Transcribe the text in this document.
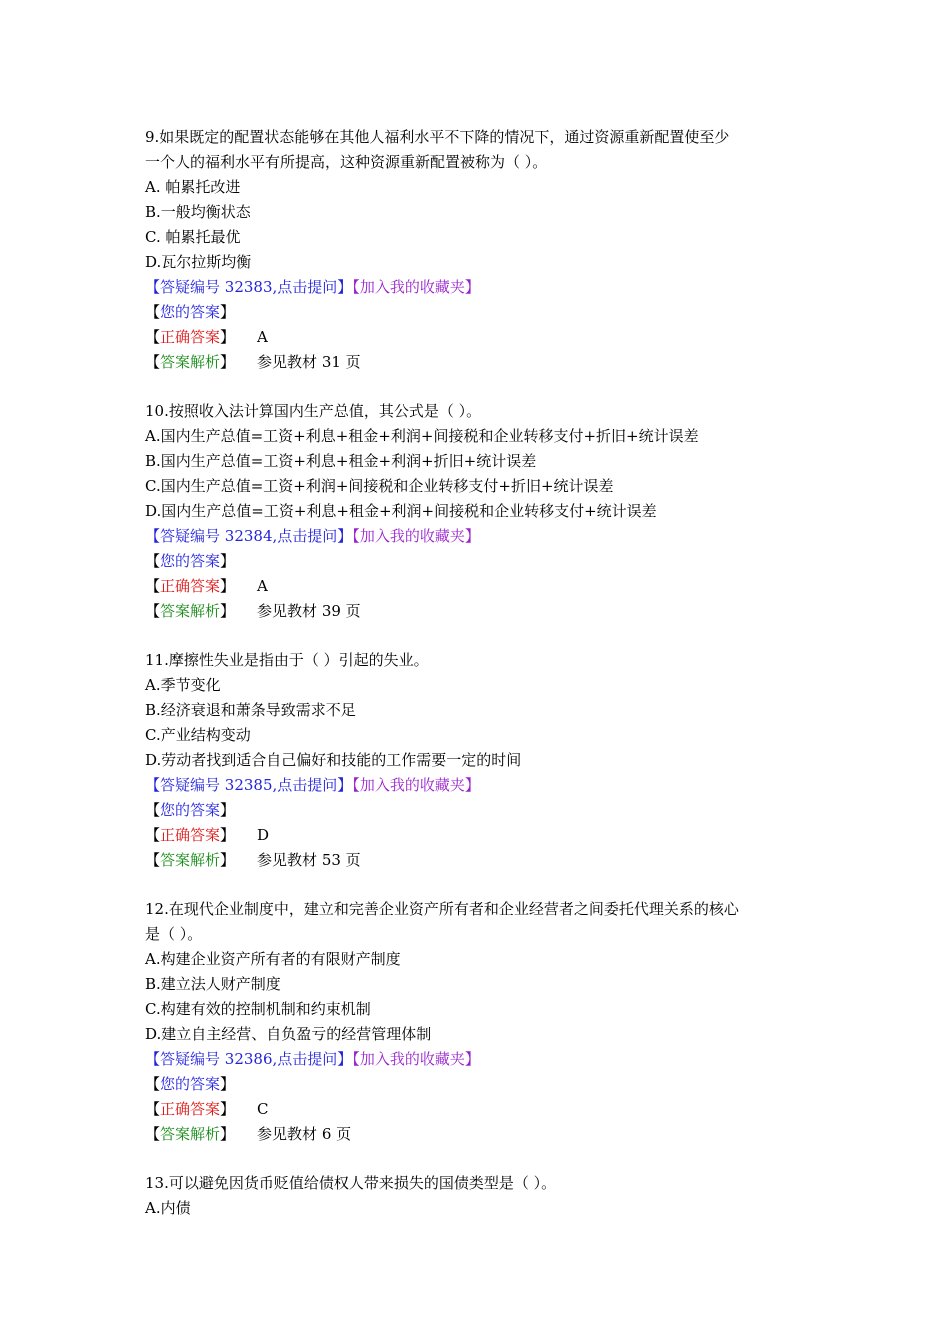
9.如果既定的配置状态能够在其他人福利水平不下降的情况下，通过资源重新配置使至少
一个人的福利水平有所提高，这种资源重新配置被称为（ ）。
A. 帕累托改进
B.一般均衡状态
C. 帕累托最优
D.瓦尔拉斯均衡
【答疑编号 32383,点击提问】【加入我的收藏夹】
【您的答案】
【正确答案】 A
【答案解析】 参见教材 31 页
10.按照收入法计算国内生产总值，其公式是（ ）。
A.国内生产总值=工资+利息+租金+利润+间接税和企业转移支付+折旧+统计误差
B.国内生产总值=工资+利息+租金+利润+折旧+统计误差
C.国内生产总值=工资+利润+间接税和企业转移支付+折旧+统计误差
D.国内生产总值=工资+利息+租金+利润+间接税和企业转移支付+统计误差
【答疑编号 32384,点击提问】【加入我的收藏夹】
【您的答案】
【正确答案】 A
【答案解析】 参见教材 39 页
11.摩擦性失业是指由于（ ）引起的失业。
A.季节变化
B.经济衰退和萧条导致需求不足
C.产业结构变动
D.劳动者找到适合自己偏好和技能的工作需要一定的时间
【答疑编号 32385,点击提问】【加入我的收藏夹】
【您的答案】
【正确答案】 D
【答案解析】 参见教材 53 页
12.在现代企业制度中，建立和完善企业资产所有者和企业经营者之间委托代理关系的核心
是（ ）。
A.构建企业资产所有者的有限财产制度
B.建立法人财产制度
C.构建有效的控制机制和约束机制
D.建立自主经营、自负盈亏的经营管理体制
【答疑编号 32386,点击提问】【加入我的收藏夹】
【您的答案】
【正确答案】 C
【答案解析】 参见教材 6 页
13.可以避免因货币贬值给债权人带来损失的国债类型是（ ）。
A.内债
